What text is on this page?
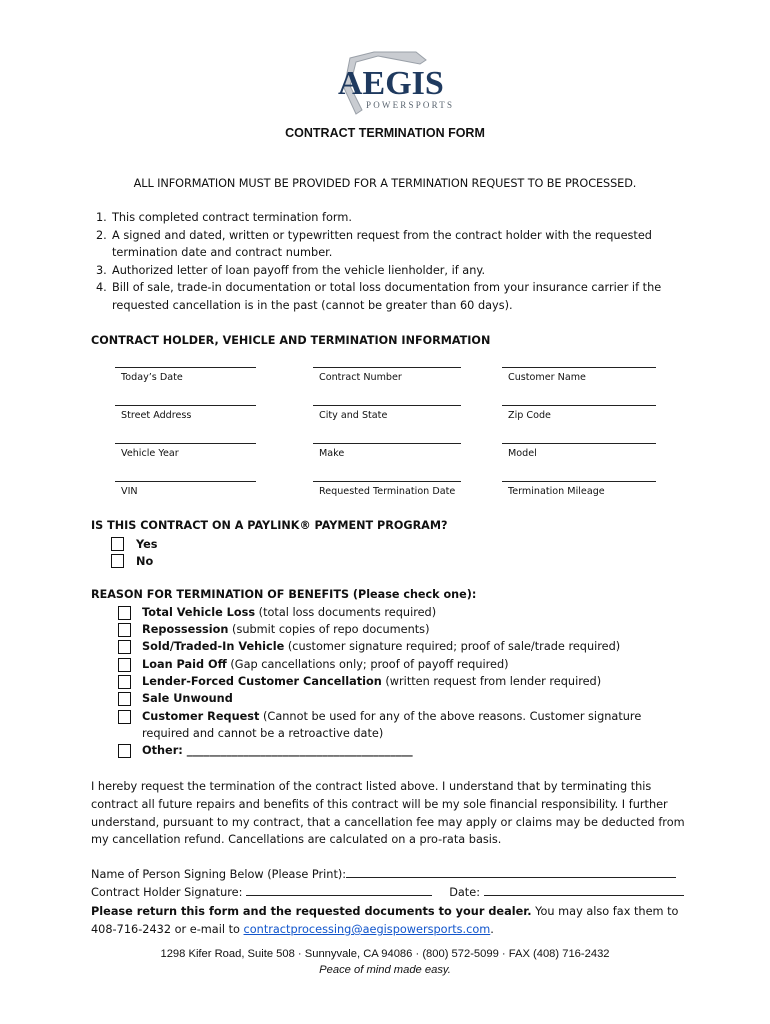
AEGIS
POWERSPORTS
CONTRACT TERMINATION FORM
ALL INFORMATION MUST BE PROVIDED FOR A TERMINATION REQUEST TO BE PROCESSED.
1. This completed contract termination form.
2. A signed and dated, written or typewritten request from the contract holder with the requested termination date and contract number.
3. Authorized letter of loan payoff from the vehicle lienholder, if any.
4. Bill of sale, trade-in documentation or total loss documentation from your insurance carrier if the requested cancellation is in the past (cannot be greater than 60 days).
CONTRACT HOLDER, VEHICLE AND TERMINATION INFORMATION
Today’s Date	Contract Number	Customer Name
Street Address	City and State	Zip Code
Vehicle Year	Make	Model
VIN	Requested Termination Date	Termination Mileage
IS THIS CONTRACT ON A PAYLINK® PAYMENT PROGRAM?
Yes
No
REASON FOR TERMINATION OF BENEFITS (Please check one):
Total Vehicle Loss (total loss documents required)
Repossession (submit copies of repo documents)
Sold/Traded-In Vehicle (customer signature required; proof of sale/trade required)
Loan Paid Off (Gap cancellations only; proof of payoff required)
Lender-Forced Customer Cancellation (written request from lender required)
Sale Unwound
Customer Request (Cannot be used for any of the above reasons. Customer signature required and cannot be a retroactive date)
Other: ________________________________________
I hereby request the termination of the contract listed above. I understand that by terminating this contract all future repairs and benefits of this contract will be my sole financial responsibility. I further understand, pursuant to my contract, that a cancellation fee may apply or claims may be deducted from my cancellation refund. Cancellations are calculated on a pro-rata basis.
Name of Person Signing Below (Please Print):
Contract Holder Signature:	Date:
Please return this form and the requested documents to your dealer. You may also fax them to 408-716-2432 or e-mail to contractprocessing@aegispowersports.com.
1298 Kifer Road, Suite 508 · Sunnyvale, CA 94086 · (800) 572-5099 · FAX (408) 716-2432
Peace of mind made easy.
